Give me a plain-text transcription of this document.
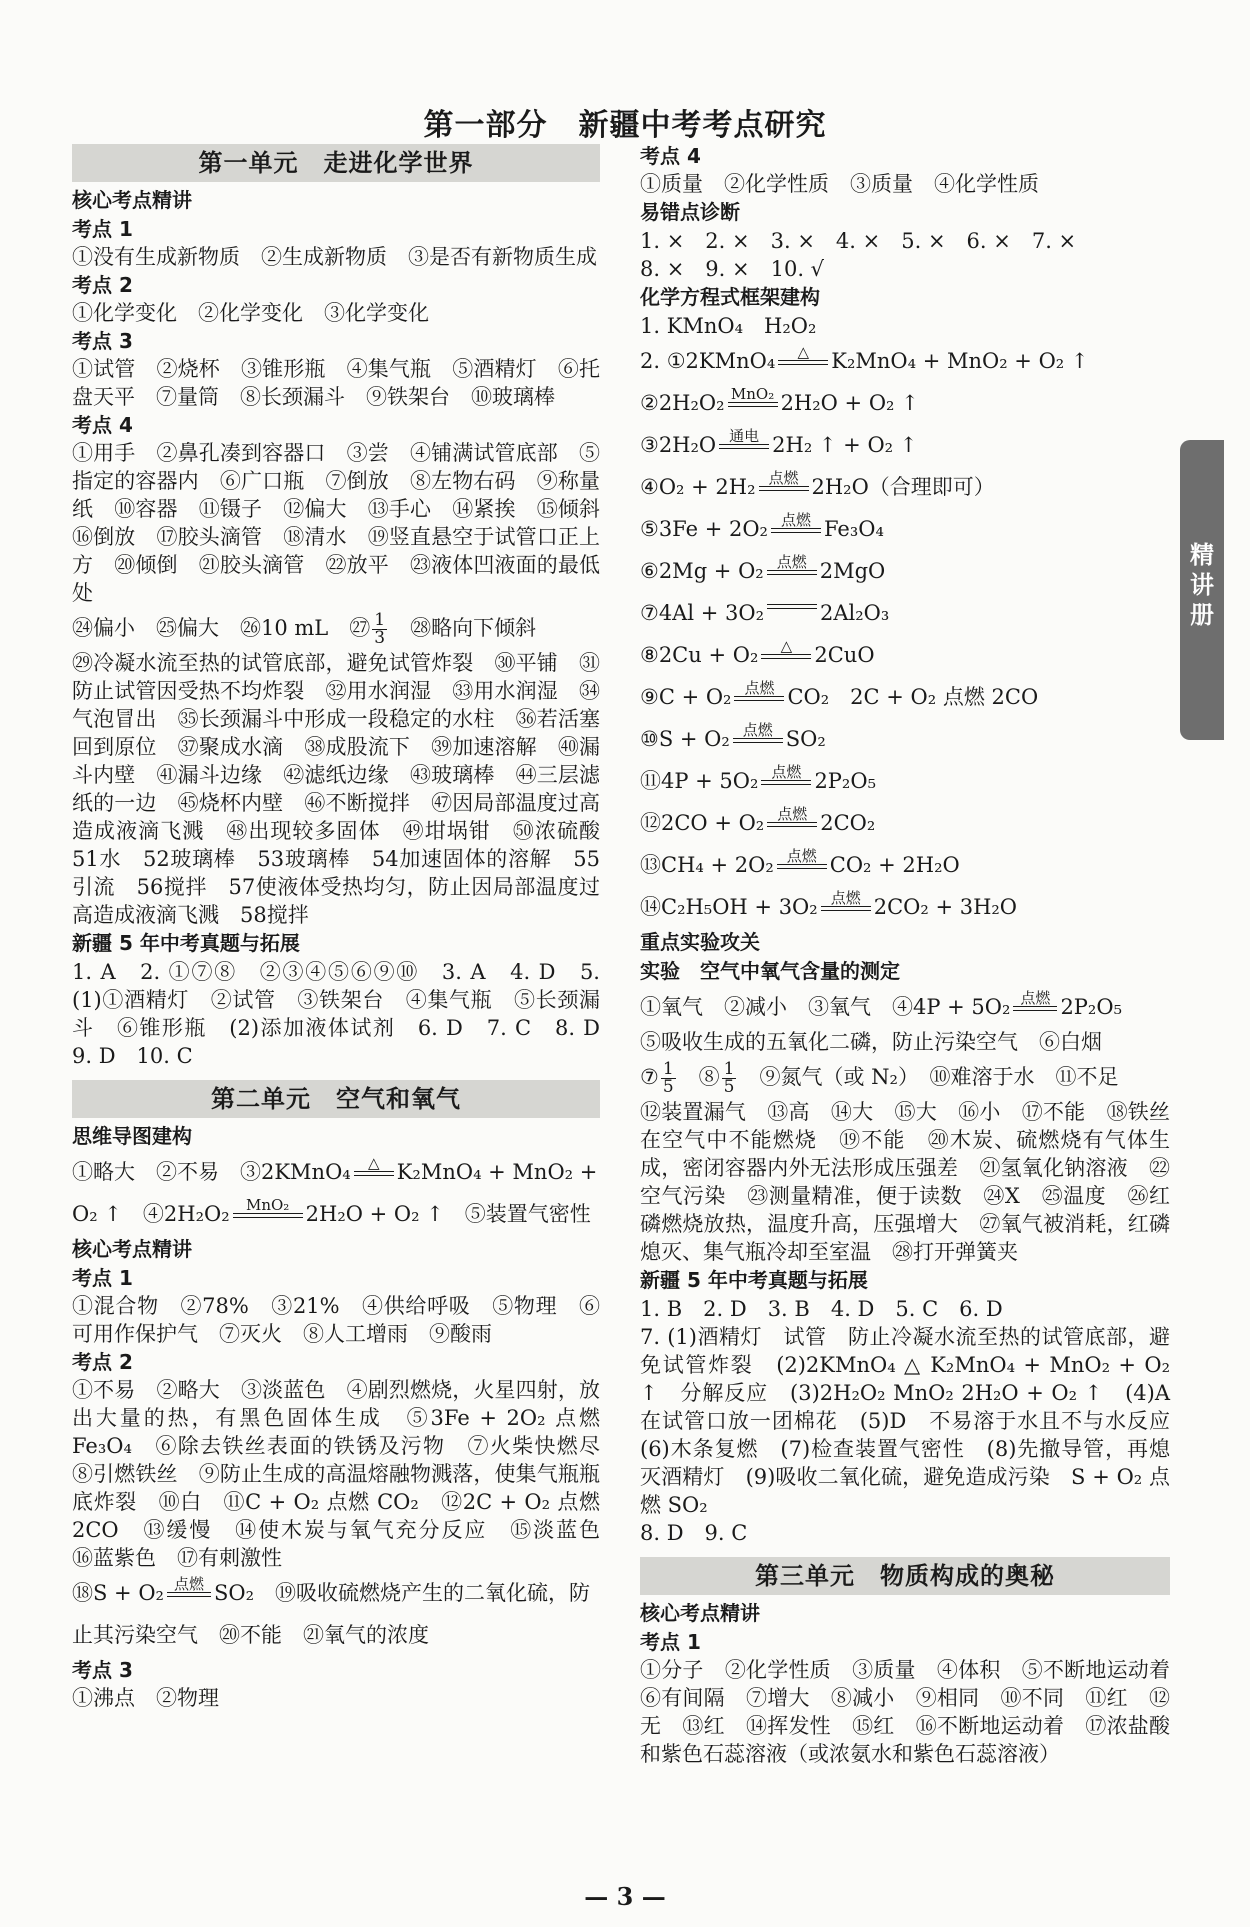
第一部分　新疆中考考点研究
第一单元　走进化学世界
核心考点精讲
考点 1
①没有生成新物质　②生成新物质　③是否有新物质生成
考点 2
①化学变化　②化学变化　③化学变化
考点 3
①试管　②烧杯　③锥形瓶　④集气瓶　⑤酒精灯　⑥托盘天平　⑦量筒　⑧长颈漏斗　⑨铁架台　⑩玻璃棒
考点 4
①用手　②鼻孔凑到容器口　③尝　④铺满试管底部　⑤指定的容器内　⑥广口瓶　⑦倒放　⑧左物右码　⑨称量纸　⑩容器　⑪镊子　⑫偏大　⑬手心　⑭紧挨　⑮倾斜　⑯倒放　⑰胶头滴管　⑱清水　⑲竖直悬空于试管口正上方　⑳倾倒　㉑胶头滴管　㉒放平　㉓液体凹液面的最低处
㉔偏小　㉕偏大　㉖10 mL　㉗ $\frac{1}{3}$ 　㉘略向下倾斜
㉙冷凝水流至热的试管底部，避免试管炸裂　㉚平铺　㉛防止试管因受热不均炸裂　㉜用水润湿　㉝用水润湿　㉞气泡冒出　㉟长颈漏斗中形成一段稳定的水柱　㊱若活塞回到原位　㊲聚成水滴　㊳成股流下　㊴加速溶解　㊵漏斗内壁　㊶漏斗边缘　㊷滤纸边缘　㊸玻璃棒　㊹三层滤纸的一边　㊺烧杯内壁　㊻不断搅拌　㊼因局部温度过高造成液滴飞溅　㊽出现较多固体　㊾坩埚钳　㊿浓硫酸　51水　52玻璃棒　53玻璃棒　54加速固体的溶解　55引流　56搅拌　57使液体受热均匀，防止因局部温度过高造成液滴飞溅　58搅拌
新疆 5 年中考真题与拓展
1. A　2. ①⑦⑧　②③④⑤⑥⑨⑩　3. A　4. D　5. (1)①酒精灯　②试管　③铁架台　④集气瓶　⑤长颈漏斗　⑥锥形瓶　(2)添加液体试剂　6. D　7. C　8. D　9. D　10. C
第二单元　空气和氧气
思维导图建构
①略大　②不易　③2KMnO₄	△ K₂MnO₄ + MnO₂ +
O₂ ↑　④2H₂O₂	MnO₂ 2H₂O + O₂ ↑　⑤装置气密性
核心考点精讲
考点 1
①混合物　②78%　③21%　④供给呼吸　⑤物理　⑥可用作保护气　⑦灭火　⑧人工增雨　⑨酸雨
考点 2
①不易　②略大　③淡蓝色　④剧烈燃烧，火星四射，放出大量的热，有黑色固体生成　⑤3Fe + 2O₂ 点燃 Fe₃O₄　⑥除去铁丝表面的铁锈及污物　⑦火柴快燃尽　⑧引燃铁丝　⑨防止生成的高温熔融物溅落，使集气瓶瓶底炸裂　⑩白　⑪C + O₂ 点燃 CO₂　⑫2C + O₂ 点燃 2CO　⑬缓慢　⑭使木炭与氧气充分反应　⑮淡蓝色　⑯蓝紫色　⑰有刺激性
⑱S + O₂ 点燃 SO₂　⑲吸收硫燃烧产生的二氧化硫，防止其污染空气　⑳不能　㉑氧气的浓度
考点 3
①沸点　②物理
考点 4
①质量　②化学性质　③质量　④化学性质
易错点诊断
1. ×　2. ×　3. ×　4. ×　5. ×　6. ×　7. ×
8. ×　9. ×　10. √
化学方程式框架建构
1. KMnO₄　H₂O₂
2. ①2KMnO₄	△	K₂MnO₄ + MnO₂ + O₂ ↑
②2H₂O₂ MnO₂ 2H₂O + O₂ ↑
③2H₂O 通电 2H₂ ↑ + O₂ ↑
④O₂ + 2H₂ 点燃 2H₂O（合理即可）
⑤3Fe + 2O₂ 点燃 Fe₃O₄
⑥2Mg + O₂ 点燃 2MgO
⑦4Al + 3O₂	2Al₂O₃
⑧2Cu + O₂	△	2CuO
⑨C + O₂ 点燃 CO₂　2C + O₂ 点燃 2CO
⑩S + O₂ 点燃 SO₂
⑪4P + 5O₂ 点燃 2P₂O₅
⑫2CO + O₂ 点燃 2CO₂
⑬CH₄ + 2O₂ 点燃 CO₂ + 2H₂O
⑭C₂H₅OH + 3O₂ 点燃 2CO₂ + 3H₂O
重点实验攻关
实验　空气中氧气含量的测定
①氧气　②减小　③氧气　④4P + 5O₂ 点燃 2P₂O₅
⑤吸收生成的五氧化二磷，防止污染空气　⑥白烟
⑦ $\frac{1}{5}$ 　⑧ $\frac{1}{5}$ 　⑨氮气（或 N₂）　⑩难溶于水　⑪不足
⑫装置漏气　⑬高　⑭大　⑮大　⑯小　⑰不能　⑱铁丝在空气中不能燃烧　⑲不能　⑳木炭、硫燃烧有气体生成，密闭容器内外无法形成压强差　㉑氢氧化钠溶液　㉒空气污染　㉓测量精准，便于读数　㉔X　㉕温度　㉖红磷燃烧放热，温度升高，压强增大　㉗氧气被消耗，红磷熄灭、集气瓶冷却至室温　㉘打开弹簧夹
新疆 5 年中考真题与拓展
1. B　2. D　3. B　4. D　5. C　6. D
7. (1)酒精灯　试管　防止冷凝水流至热的试管底部，避免试管炸裂　(2)2KMnO₄ △ K₂MnO₄ + MnO₂ + O₂ ↑　分解反应　(3)2H₂O₂ MnO₂ 2H₂O + O₂ ↑　(4)A　在试管口放一团棉花　(5)D　不易溶于水且不与水反应　(6)木条复燃　(7)检查装置气密性　(8)先撤导管，再熄灭酒精灯　(9)吸收二氧化硫，避免造成污染　S + O₂ 点燃 SO₂
8. D　9. C
第三单元　物质构成的奥秘
核心考点精讲
考点 1
①分子　②化学性质　③质量　④体积　⑤不断地运动着　⑥有间隔　⑦增大　⑧减小　⑨相同　⑩不同　⑪红　⑫无　⑬红　⑭挥发性　⑮红　⑯不断地运动着　⑰浓盐酸和紫色石蕊溶液（或浓氨水和紫色石蕊溶液）
精讲册
— 3 —
